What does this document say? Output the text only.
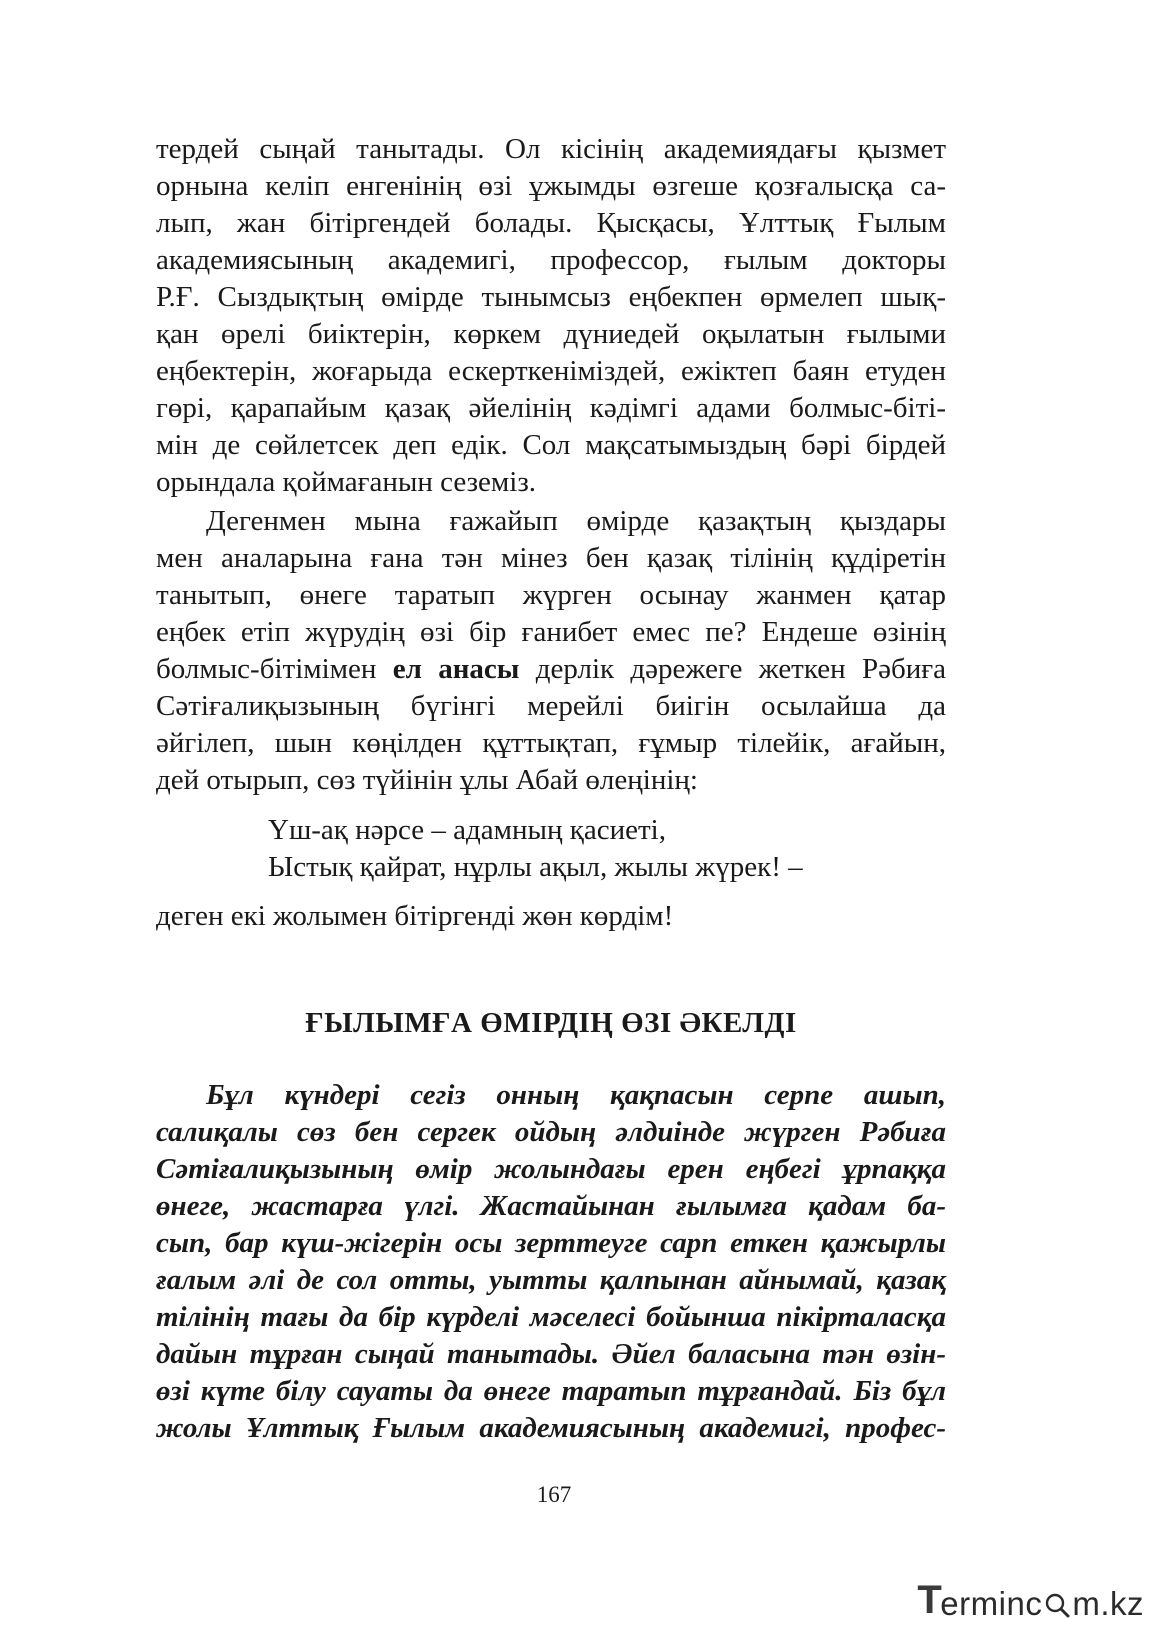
тердей сыңай танытады. Ол кісінің академиядағы қызмет
орнына келіп енгенінің өзі ұжымды өзгеше қозғалысқа са-
лып, жан бітіргендей болады. Қысқасы, Ұлттық Ғылым
академиясының академигі, профессор, ғылым докторы
Р.Ғ. Сыздықтың өмірде тынымсыз еңбекпен өрмелеп шық-
қан өрелі биіктерін, көркем дүниедей оқылатын ғылыми
еңбектерін, жоғарыда ескерткеніміздей, ежіктеп баян етуден
гөрі, қарапайым қазақ әйелінің кәдімгі адами болмыс-біті-
мін де сөйлетсек деп едік. Сол мақсатымыздың бәрі бірдей
орындала қоймағанын сеземіз.
Дегенмен мына ғажайып өмірде қазақтың қыздары
мен аналарына ғана тән мінез бен қазақ тілінің құдіретін
танытып, өнеге таратып жүрген осынау жанмен қатар
еңбек етіп жүрудің өзі бір ғанибет емес пе? Ендеше өзінің
болмыс-бітімімен ел анасы дерлік дәрежеге жеткен Рәбиға
Сәтіғалиқызының бүгінгі мерейлі биігін осылайша да
әйгілеп, шын көңілден құттықтап, ғұмыр тілейік, ағайын,
дей отырып, сөз түйінін ұлы Абай өлеңінің:
Үш-ақ нәрсе – адамның қасиеті,
Ыстық қайрат, нұрлы ақыл, жылы жүрек! –
деген екі жолымен бітіргенді жөн көрдім!
ҒЫЛЫМҒА ӨМІРДІҢ ӨЗІ ӘКЕЛДІ
Бұл күндері сегіз онның қақпасын серпе ашып,
салиқалы сөз бен сергек ойдың әлдиінде жүрген Рәбиға
Сәтіғалиқызының өмір жолындағы ерен еңбегі ұрпаққа
өнеге, жастарға үлгі. Жастайынан ғылымға қадам ба-
сып, бар күш-жігерін осы зерттеуге сарп еткен қажырлы
ғалым әлі де сол отты, уытты қалпынан айнымай, қазақ
тілінің тағы да бір күрделі мәселесі бойынша пікірталасқа
дайын тұрған сыңай танытады. Әйел баласына тән өзін-
өзі күте білу сауаты да өнеге таратып тұрғандай. Біз бұл
жолы Ұлттық Ғылым академиясының академигі, профес-
167
T
erminc m.kz
